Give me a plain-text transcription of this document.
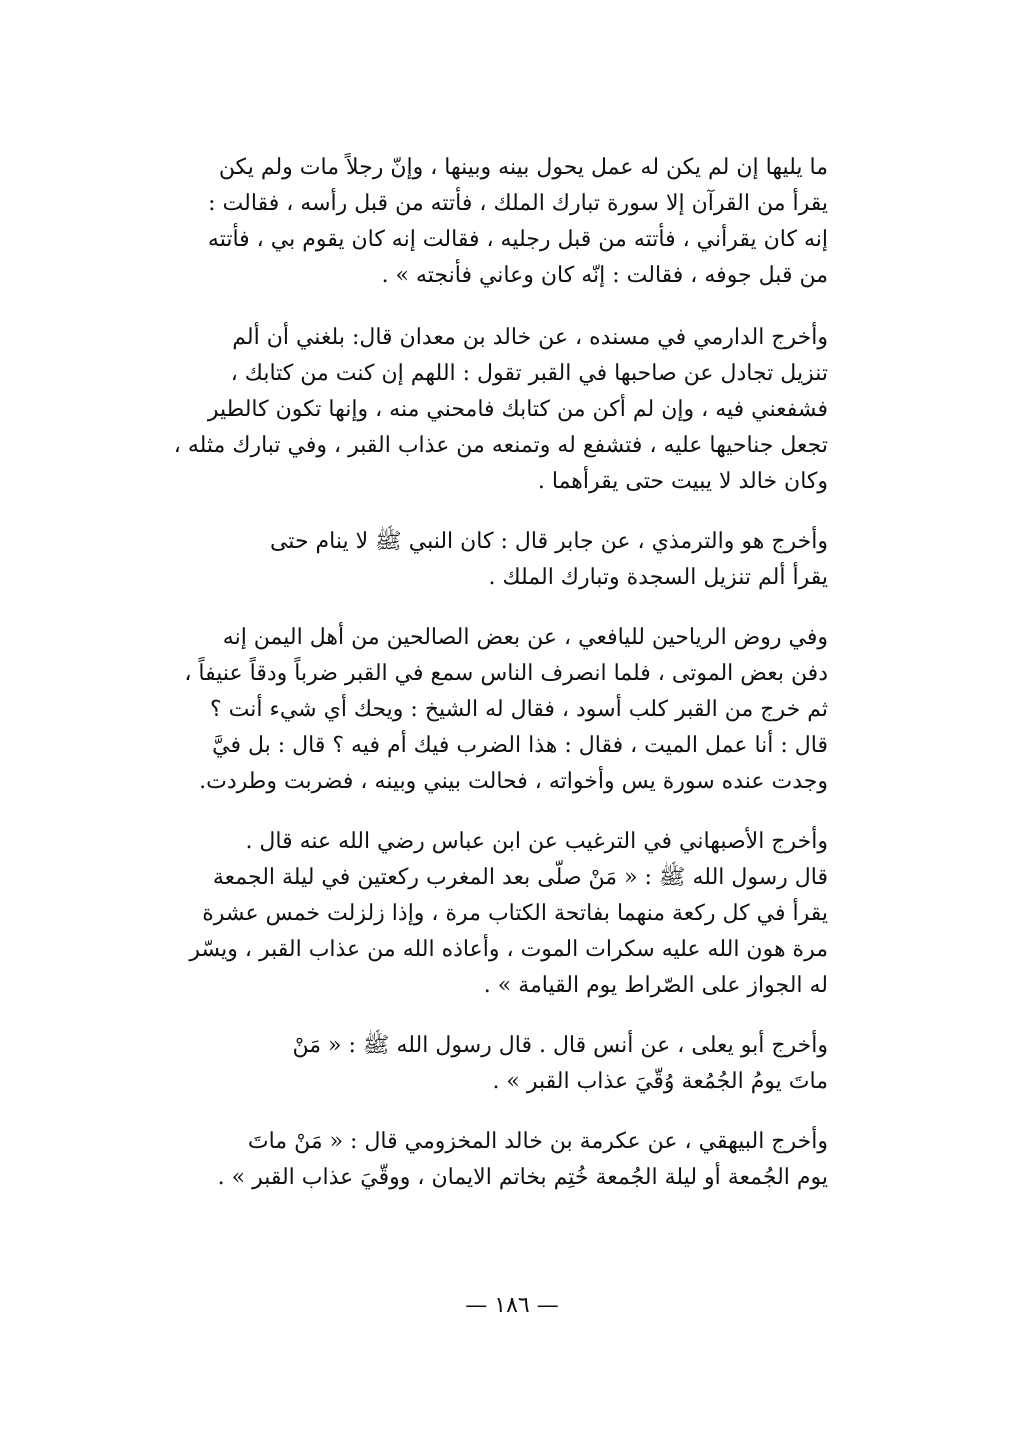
ما يليها إن لم يكن له عمل يحول بينه وبينها ، وإنّ رجلاً مات ولم يكن
يقرأ من القرآن إلا سورة تبارك الملك ، فأتته من قبل رأسه ، فقالت :
إنه كان يقرأني ، فأتته من قبل رجليه ، فقالت إنه كان يقوم بي ، فأتته
من قبل جوفه ، فقالت : إنّه كان وعاني فأنجته » .

وأخرج الدارمي في مسنده ، عن خالد بن معدان قال: بلغني أن ألم
تنزيل تجادل عن صاحبها في القبر تقول : اللهم إن كنت من كتابك ،
فشفعني فيه ، وإن لم أكن من كتابك فامحني منه ، وإنها تكون كالطير
تجعل جناحيها عليه ، فتشفع له وتمنعه من عذاب القبر ، وفي تبارك مثله ،
وكان خالد لا يبيت حتى يقرأهما .

وأخرج هو والترمذي ، عن جابر قال : كان النبي ﷺ لا ينام حتى
يقرأ ألم تنزيل السجدة وتبارك الملك .

وفي روض الرياحين لليافعي ، عن بعض الصالحين من أهل اليمن إنه
دفن بعض الموتى ، فلما انصرف الناس سمع في القبر ضرباً ودقاً عنيفاً ،
ثم خرج من القبر كلب أسود ، فقال له الشيخ : ويحك أي شيء أنت ؟
قال : أنا عمل الميت ، فقال : هذا الضرب فيك أم فيه ؟ قال : بل فيَّ
وجدت عنده سورة يس وأخواته ، فحالت بيني وبينه ، فضربت وطردت.

وأخرج الأصبهاني في الترغيب عن ابن عباس رضي الله عنه قال .
قال رسول الله ﷺ : « مَنْ صلّى بعد المغرب ركعتين في ليلة الجمعة
يقرأ في كل ركعة منهما بفاتحة الكتاب مرة ، وإذا زلزلت خمس عشرة
مرة هون الله عليه سكرات الموت ، وأعاذه الله من عذاب القبر ، ويسّر
له الجواز على الصّراط يوم القيامة » .

وأخرج أبو يعلى ، عن أنس قال . قال رسول الله ﷺ : « مَنْ
ماتَ يومُ الجُمُعة وُقّيَ عذاب القبر » .

وأخرج البيهقي ، عن عكرمة بن خالد المخزومي قال : « مَنْ ماتَ
يوم الجُمعة أو ليلة الجُمعة خُتِم بخاتم الايمان ، ووقّيَ عذاب القبر » .

— ١٨٦ —
